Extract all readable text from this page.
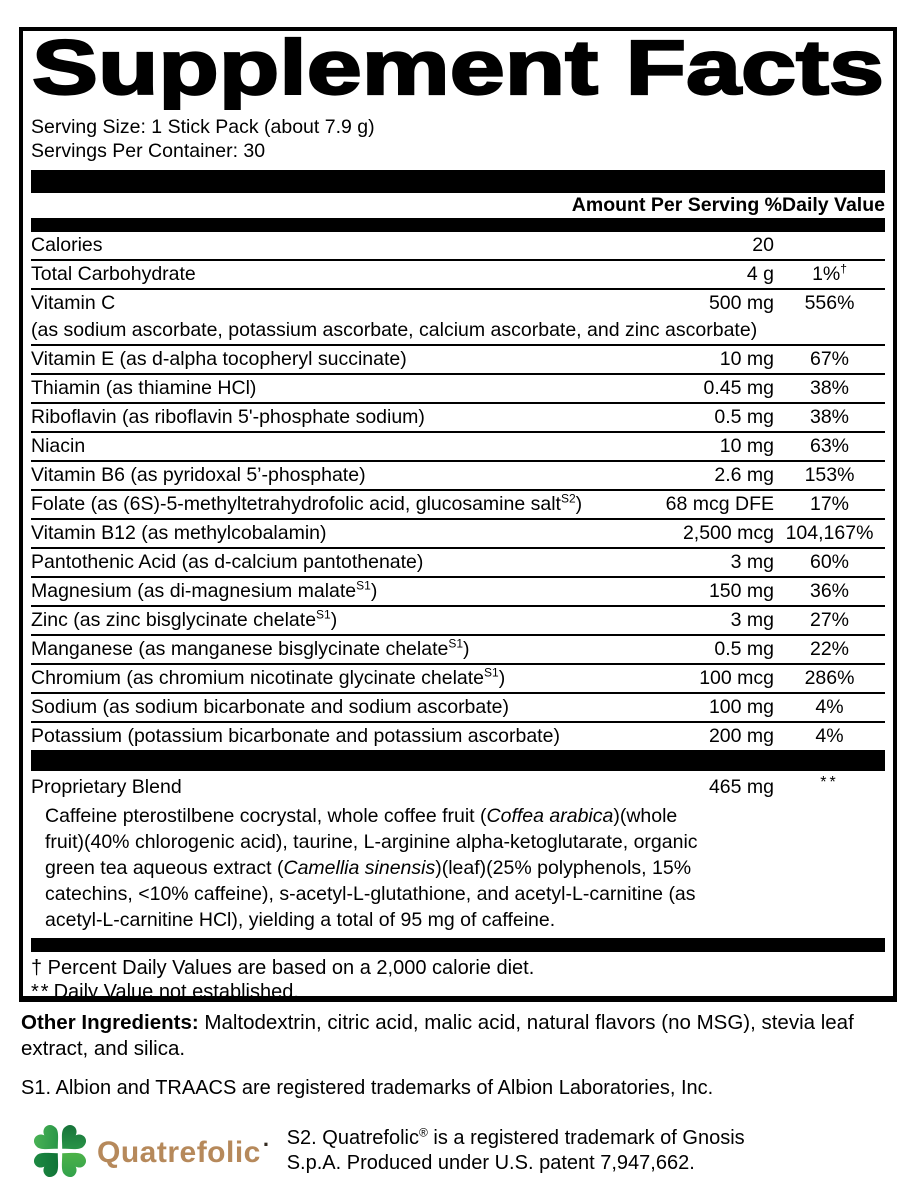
Supplement Facts
Serving Size: 1 Stick Pack (about 7.9 g)
Servings Per Container: 30
Amount Per Serving %Daily Value
Calories	20
Total Carbohydrate	4 g	1%†
Vitamin C	500 mg	556%
(as sodium ascorbate, potassium ascorbate, calcium ascorbate, and zinc ascorbate)
Vitamin E (as d-alpha tocopheryl succinate)	10 mg	67%
Thiamin (as thiamine HCl)	0.45 mg	38%
Riboflavin (as riboflavin 5'-phosphate sodium)	0.5 mg	38%
Niacin	10 mg	63%
Vitamin B6 (as pyridoxal 5’-phosphate)	2.6 mg	153%
Folate (as (6S)-5-methyltetrahydrofolic acid, glucosamine salt$^{S2}$)	68 mcg DFE	17%
Vitamin B12 (as methylcobalamin)	2,500 mcg 104,167%
Pantothenic Acid (as d-calcium pantothenate)	3 mg	60%
Magnesium (as di-magnesium malate$^{S1}$)	150 mg	36%
Zinc (as zinc bisglycinate chelate$^{S1}$)	3 mg	27%
Manganese (as manganese bisglycinate chelate$^{S1}$)	0.5 mg	22%
Chromium (as chromium nicotinate glycinate chelate$^{S1}$)	100 mcg	286%
Sodium (as sodium bicarbonate and sodium ascorbate)	100 mg	4%
Potassium (potassium bicarbonate and potassium ascorbate)	200 mg	4%
Proprietary Blend	465 mg	**
Caffeine pterostilbene cocrystal, whole coffee fruit (Coffea arabica)(whole fruit)(40% chlorogenic acid), taurine, L-arginine alpha-ketoglutarate, organic green tea aqueous extract (Camellia sinensis)(leaf)(25% polyphenols, 15% catechins, <10% caffeine), s-acetyl-L-glutathione, and acetyl-L-carnitine (as acetyl-L-carnitine HCl), yielding a total of 95 mg of caffeine.
† Percent Daily Values are based on a 2,000 calorie diet.
** Daily Value not established.
Other Ingredients: Maltodextrin, citric acid, malic acid, natural flavors (no MSG), stevia leaf extract, and silica.
S1. Albion and TRAACS are registered trademarks of Albion Laboratories, Inc.
Quatrefolic· S2. Quatrefolic® is a registered trademark of Gnosis S.p.A. Produced under U.S. patent 7,947,662.
